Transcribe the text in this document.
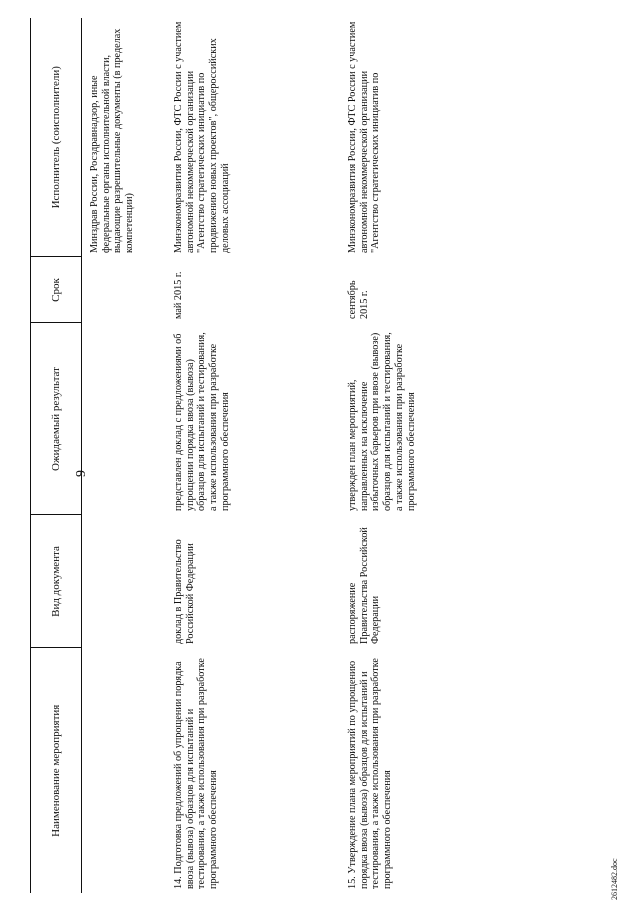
9
Наименование мероприятия	Вид документа	Ожидаемый результат	Срок	Исполнитель (соисполнители)
				Минздрав России, Росздравнадзор, иные федеральные органы исполнительной власти, выдающие разрешительные документы (в пределах компетенции)
14. Подготовка предложений об упрощении порядка ввоза (вывоза) образцов для испытаний и тестирования, а также использования при разработке программного обеспечения	доклад в Правительство Российской Федерации	представлен доклад с предложениями об упрощении порядка ввоза (вывоза) образцов для испытаний и тестирования, а также использования при разработке программного обеспечения	май 2015 г.	Минэкономразвития России, ФТС России с участием автономной некоммерческой организации "Агентство стратегических инициатив по продвижению новых проектов", общероссийских деловых ассоциаций
15. Утверждение плана мероприятий по упрощению порядка ввоза (вывоза) образцов для испытаний и тестирования, а также использования при разработке программного обеспечения	распоряжение Правительства Российской Федерации	утвержден план мероприятий, направленных на исключение избыточных барьеров при ввозе (вывозе) образцов для испытаний и тестирования, а также использования при разработке программного обеспечения	сентябрь 2015 г.	Минэкономразвития России, ФТС России с участием автономной некоммерческой организации "Агентство стратегических инициатив по
2612482.doc
